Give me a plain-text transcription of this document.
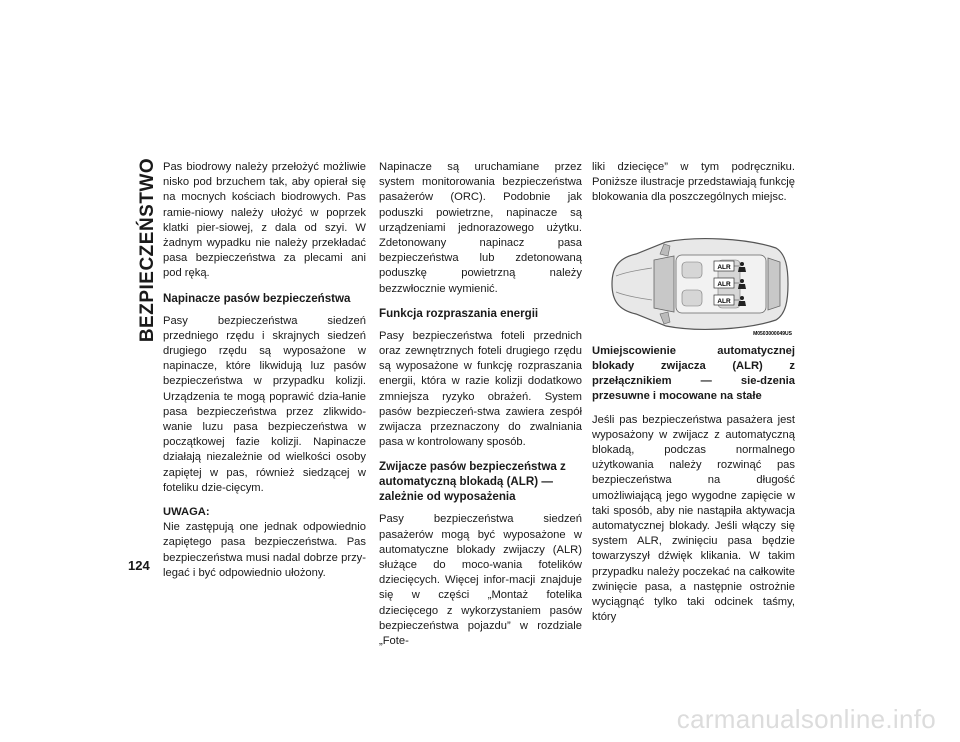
BEZPIECZEŃSTWO Pas biodrowy należy przełożyć możliwie nisko pod brzuchem tak, aby opierał się na mocnych kościach biodrowych. Pas ramie-niowy należy ułożyć w poprzek klatki pier-siowej, z dala od szyi. W żadnym wypadku nie należy przekładać pasa bezpieczeństwa za plecami ani pod ręką.

Napinacze pasów bezpieczeństwa

Pasy bezpieczeństwa siedzeń przedniego rzędu i skrajnych siedzeń drugiego rzędu są wyposażone w napinacze, które likwidują luz pasów bezpieczeństwa w przypadku kolizji. Urządzenia te mogą poprawić dzia-łanie pasa bezpieczeństwa przez zlikwido-wanie luzu pasa bezpieczeństwa w początkowej fazie kolizji. Napinacze działają niezależnie od wielkości osoby zapiętej w pas, również siedzącej w foteliku dzie-cięcym.

UWAGA:

Nie zastępują one jednak odpowiednio zapiętego pasa bezpieczeństwa. Pas bezpieczeństwa musi nadal dobrze przy-legać i być odpowiednio ułożony.

Napinacze są uruchamiane przez system monitorowania bezpieczeństwa pasażerów (ORC). Podobnie jak poduszki powietrzne, napinacze są urządzeniami jednorazowego użytku. Zdetonowany napinacz pasa bezpieczeństwa lub zdetonowaną poduszkę powietrzną należy bezzwłocznie wymienić.

Funkcja rozpraszania energii

Pasy bezpieczeństwa foteli przednich oraz zewnętrznych foteli drugiego rzędu są wyposażone w funkcję rozpraszania energii, która w razie kolizji dodatkowo zmniejsza ryzyko obrażeń. System pasów bezpieczeń-stwa zawiera zespół zwijacza przeznaczony do zwalniania pasa w kontrolowany sposób.

Zwijacze pasów bezpieczeństwa z automatyczną blokadą (ALR) — zależnie od wyposażenia

Pasy bezpieczeństwa siedzeń pasażerów mogą być wyposażone w automatyczne blokady zwijaczy (ALR) służące do moco-wania fotelików dziecięcych. Więcej infor-macji znajduje się w części „Montaż fotelika dziecięcego z wykorzystaniem pasów bezpieczeństwa pojazdu” w rozdziale „Fote-

liki dziecięce” w tym podręczniku. Poniższe ilustracje przedstawiają funkcję blokowania dla poszczególnych miejsc.

ALR
ALR
ALR
M0503000049US

Umiejscowienie automatycznej blokady zwijacza (ALR) z przełącznikiem — sie-dzenia przesuwne i mocowane na stałe

Jeśli pas bezpieczeństwa pasażera jest wyposażony w zwijacz z automatyczną blokadą, podczas normalnego użytkowania należy rozwinąć pas bezpieczeństwa na długość umożliwiającą jego wygodne zapięcie w taki sposób, aby nie nastąpiła aktywacja automatycznej blokady. Jeśli włączy się system ALR, zwinięciu pasa będzie towarzyszył dźwięk klikania. W takim przypadku należy poczekać na całkowite zwinięcie pasa, a następnie ostrożnie wyciągnąć tylko taki odcinek taśmy, który

124
carmanualsonline.info
